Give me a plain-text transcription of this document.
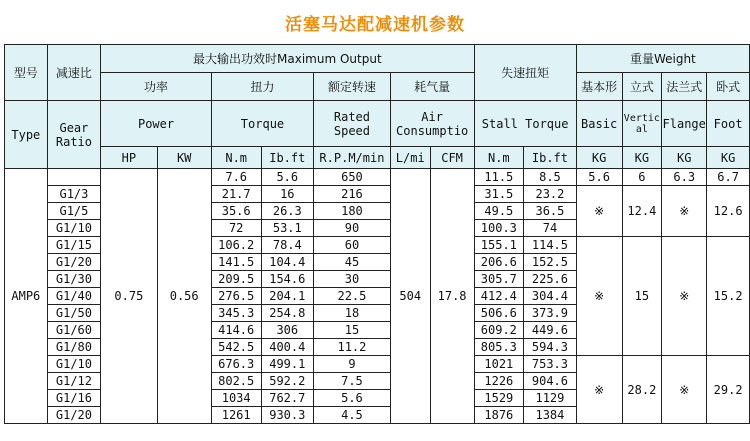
活塞马达配减速机参数
型号	减速比	最大输出功效时Maximum Output							失速扭矩		重量Weight			
		功率		扭力		额定转速	耗气量				基本形	立式	法兰式	卧式
Type	Gear Ratio	Power		Torque		Rated Speed	Air Consumptio		Stall Torque		Basic	Vertical	Flange	Foot
		HP	KW	N.m	Ib.ft	R.P.M/min	L/mi	CFM	N.m	Ib.ft	KG	KG	KG	KG
AMP6		0.75	0.56	7.6	5.6	650	504	17.8	11.5	8.5	5.6	6	6.3	6.7
	G1/3			21.7	16	216			31.5	23.2	※	12.4	※	12.6
	G1/5			35.6	26.3	180			49.5	36.5				
	G1/10			72	53.1	90			100.3	74				
	G1/15			106.2	78.4	60			155.1	114.5	※	15	※	15.2
	G1/20			141.5	104.4	45			206.6	152.5				
	G1/30			209.5	154.6	30			305.7	225.6				
	G1/40			276.5	204.1	22.5			412.4	304.4				
	G1/50			345.3	254.8	18			506.6	373.9				
	G1/60			414.6	306	15			609.2	449.6				
	G1/80			542.5	400.4	11.2			805.3	594.3				
	G1/10			676.3	499.1	9			1021	753.3	※	28.2	※	29.2
	G1/12			802.5	592.2	7.5			1226	904.6				
	G1/16			1034	762.7	5.6			1529	1129				
	G1/20			1261	930.3	4.5			1876	1384				
